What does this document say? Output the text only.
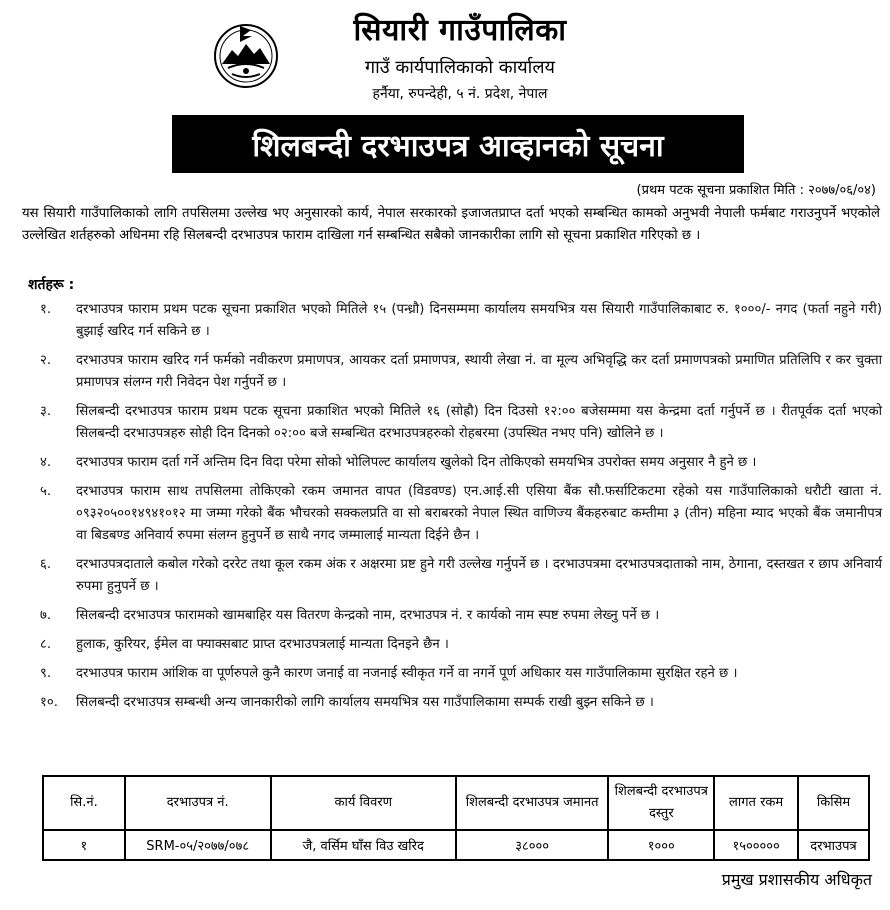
सियारी गाउँपालिका
गाउँ कार्यपालिकाको कार्यालय
हर्नैया, रुपन्देही, ५ नं. प्रदेश, नेपाल
शिलबन्दी दरभाउपत्र आव्हानको सूचना
(प्रथम पटक सूचना प्रकाशित मिति : २०७७/०६/०४)

यस सियारी गाउँपालिकाको लागि तपसिलमा उल्लेख भए अनुसारको कार्य, नेपाल सरकारको इजाजतप्राप्त दर्ता भएको सम्बन्धित कामको अनुभवी नेपाली फर्मबाट गराउनुपर्ने भएकोले उल्लेखित शर्तहरुको अधिनमा रहि सिलबन्दी दरभाउपत्र फाराम दाखिला गर्न सम्बन्धित सबैको जानकारीका लागि सो सूचना प्रकाशित गरिएको छ ।

शर्तहरू :
१.	दरभाउपत्र फाराम प्रथम पटक सूचना प्रकाशित भएको मितिले १५ (पन्ध्रौ) दिनसम्ममा कार्यालय समयभित्र यस सियारी गाउँपालिकाबाट रु. १०००/- नगद (फर्ता नहुने गरी) बुझाई खरिद गर्न सकिने छ ।
२.	दरभाउपत्र फाराम खरिद गर्न फर्मको नवीकरण प्रमाणपत्र, आयकर दर्ता प्रमाणपत्र, स्थायी लेखा नं. वा मूल्य अभिवृद्धि कर दर्ता प्रमाणपत्रको प्रमाणित प्रतिलिपि र कर चुक्ता प्रमाणपत्र संलग्न गरी निवेदन पेश गर्नुपर्ने छ ।
३.	सिलबन्दी दरभाउपत्र फाराम प्रथम पटक सूचना प्रकाशित भएको मितिले १६ (सोह्रौ) दिन दिउसो १२:०० बजेसम्ममा यस केन्द्रमा दर्ता गर्नुपर्ने छ । रीतपूर्वक दर्ता भएको सिलबन्दी दरभाउपत्रहरु सोही दिन दिनको ०२:०० बजे सम्बन्धित दरभाउपत्रहरुको रोहबरमा (उपस्थित नभए पनि) खोलिने छ ।
४.	दरभाउपत्र फाराम दर्ता गर्ने अन्तिम दिन विदा परेमा सोको भोलिपल्ट कार्यालय खुलेको दिन तोकिएको समयभित्र उपरोक्त समय अनुसार नै हुने छ ।
५.	दरभाउपत्र फाराम साथ तपसिलमा तोकिएको रकम जमानत वापत (विडवण्ड) एन.आई.सी एसिया बैंक सौ.फर्साटिकटमा रहेको यस गाउँपालिकाको धरौटी खाता नं. ०९३२०५००१४९४१०१२ मा जम्मा गरेको बैंक भौचरको सक्कलप्रति वा सो बराबरको नेपाल स्थित वाणिज्य बैंकहरुबाट कम्तीमा ३ (तीन) महिना म्याद भएको बैंक जमानीपत्र वा बिडबण्ड अनिवार्य रुपमा संलग्न हुनुपर्ने छ साथै नगद जम्मालाई मान्यता दिईने छैन ।
६.	दरभाउपत्रदाताले कबोल गरेको दररेट तथा कूल रकम अंक र अक्षरमा प्रष्ट हुने गरी उल्लेख गर्नुपर्ने छ । दरभाउपत्रमा दरभाउपत्रदाताको नाम, ठेगाना, दस्तखत र छाप अनिवार्य रुपमा हुनुपर्ने छ ।
७.	सिलबन्दी दरभाउपत्र फारामको खामबाहिर यस वितरण केन्द्रको नाम, दरभाउपत्र नं. र कार्यको नाम स्पष्ट रुपमा लेख्नु पर्ने छ ।
८.	हुलाक, कुरियर, ईमेल वा फ्याक्सबाट प्राप्त दरभाउपत्रलाई मान्यता दिनइने छैन ।
९.	दरभाउपत्र फाराम आंशिक वा पूर्णरुपले कुनै कारण जनाई वा नजनाई स्वीकृत गर्ने वा नगर्ने पूर्ण अधिकार यस गाउँपालिकामा सुरक्षित रहने छ ।
१०.	सिलबन्दी दरभाउपत्र सम्बन्धी अन्य जानकारीको लागि कार्यालय समयभित्र यस गाउँपालिकामा सम्पर्क राखी बुझ्न सकिने छ ।
सि.नं.	दरभाउपत्र नं.	कार्य विवरण	शिलबन्दी दरभाउपत्र जमानत	शिलबन्दी दरभाउपत्र दस्तुर	लागत रकम	किसिम
१	SRM-०५/२०७७/०७८	जै, वर्सिम घाँस विउ खरिद	३८०००	१०००	१५०००००	दरभाउपत्र
प्रमुख प्रशासकीय अधिकृत
